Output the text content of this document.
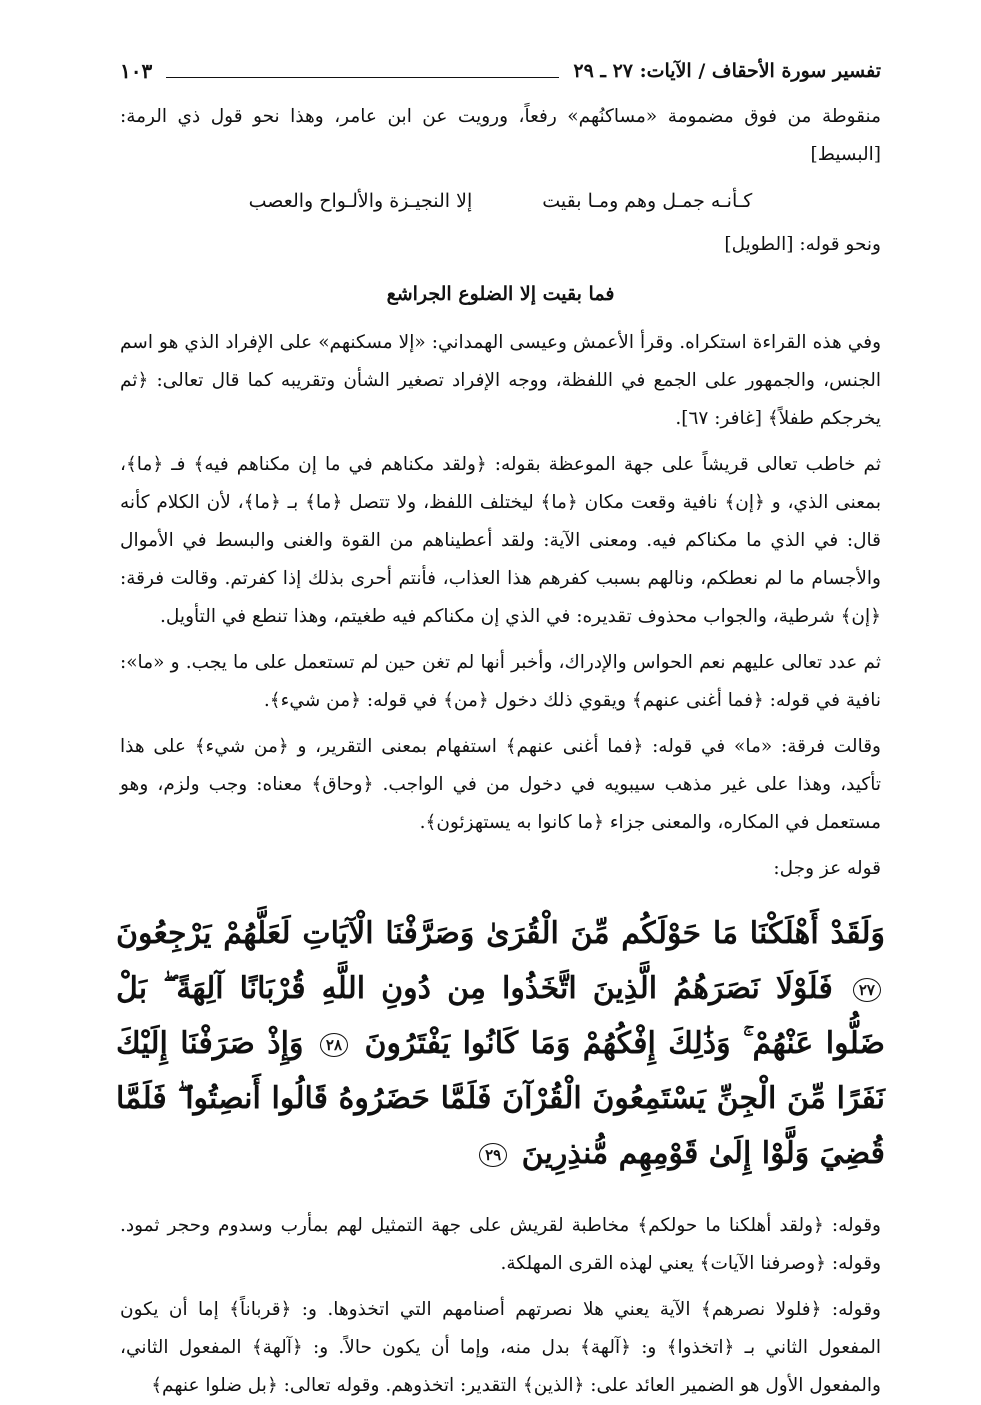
تفسير سورة الأحقاف / الآيات: ٢٧ ـ ٢٩
١٠٣

منقوطة من فوق مضمومة «مساكنُهم» رفعاً، ورويت عن ابن عامر، وهذا نحو قول ذي الرمة: [البسيط]

كـأنـه جمـل وهم ومـا بقيت
إلا النجيـزة والألـواح والعصب

ونحو قوله: [الطويل]

فما بقيت إلا الضلوع الجراشع

وفي هذه القراءة استكراه. وقرأ الأعمش وعيسى الهمداني: «إلا مسكنهم» على الإفراد الذي هو اسم الجنس، والجمهور على الجمع في اللفظة، ووجه الإفراد تصغير الشأن وتقريبه كما قال تعالى: ﴿ثم يخرجكم طفلاً﴾ [غافر: ٦٧].

ثم خاطب تعالى قريشاً على جهة الموعظة بقوله: ﴿ولقد مكناهم في ما إن مكناهم فيه﴾ فـ ﴿ما﴾، بمعنى الذي، و ﴿إن﴾ نافية وقعت مكان ﴿ما﴾ ليختلف اللفظ، ولا تتصل ﴿ما﴾ بـ ﴿ما﴾، لأن الكلام كأنه قال: في الذي ما مكناكم فيه. ومعنى الآية: ولقد أعطيناهم من القوة والغنى والبسط في الأموال والأجسام ما لم نعطكم، ونالهم بسبب كفرهم هذا العذاب، فأنتم أحرى بذلك إذا كفرتم. وقالت فرقة: ﴿إن﴾ شرطية، والجواب محذوف تقديره: في الذي إن مكناكم فيه طغيتم، وهذا تنطع في التأويل.

ثم عدد تعالى عليهم نعم الحواس والإدراك، وأخبر أنها لم تغن حين لم تستعمل على ما يجب. و «ما»: نافية في قوله: ﴿فما أغنى عنهم﴾ ويقوي ذلك دخول ﴿من﴾ في قوله: ﴿من شيء﴾.

وقالت فرقة: «ما» في قوله: ﴿فما أغنى عنهم﴾ استفهام بمعنى التقرير، و ﴿من شيء﴾ على هذا تأكيد، وهذا على غير مذهب سيبويه في دخول من في الواجب. ﴿وحاق﴾ معناه: وجب ولزم، وهو مستعمل في المكاره، والمعنى جزاء ﴿ما كانوا به يستهزئون﴾.

قوله عز وجل:

وَلَقَدْ أَهْلَكْنَا مَا حَوْلَكُم مِّنَ الْقُرَىٰ وَصَرَّفْنَا الْآيَاتِ لَعَلَّهُمْ يَرْجِعُونَ ٢٧ فَلَوْلَا نَصَرَهُمُ الَّذِينَ اتَّخَذُوا مِن دُونِ اللَّهِ قُرْبَانًا آلِهَةً ۖ بَلْ ضَلُّوا عَنْهُمْ ۚ وَذَٰلِكَ إِفْكُهُمْ وَمَا كَانُوا يَفْتَرُونَ ٢٨ وَإِذْ صَرَفْنَا إِلَيْكَ نَفَرًا مِّنَ الْجِنِّ يَسْتَمِعُونَ الْقُرْآنَ فَلَمَّا حَضَرُوهُ قَالُوا أَنصِتُوا ۖ فَلَمَّا قُضِيَ وَلَّوْا إِلَىٰ قَوْمِهِم مُّنذِرِينَ ٢٩

وقوله: ﴿ولقد أهلكنا ما حولكم﴾ مخاطبة لقريش على جهة التمثيل لهم بمأرب وسدوم وحجر ثمود. وقوله: ﴿وصرفنا الآيات﴾ يعني لهذه القرى المهلكة.

وقوله: ﴿فلولا نصرهم﴾ الآية يعني هلا نصرتهم أصنامهم التي اتخذوها. و: ﴿قرباناً﴾ إما أن يكون المفعول الثاني بـ ﴿اتخذوا﴾ و: ﴿آلهة﴾ بدل منه، وإما أن يكون حالاً. و: ﴿آلهة﴾ المفعول الثاني، والمفعول الأول هو الضمير العائد على: ﴿الذين﴾ التقدير: اتخذوهم. وقوله تعالى: ﴿بل ضلوا عنهم﴾
